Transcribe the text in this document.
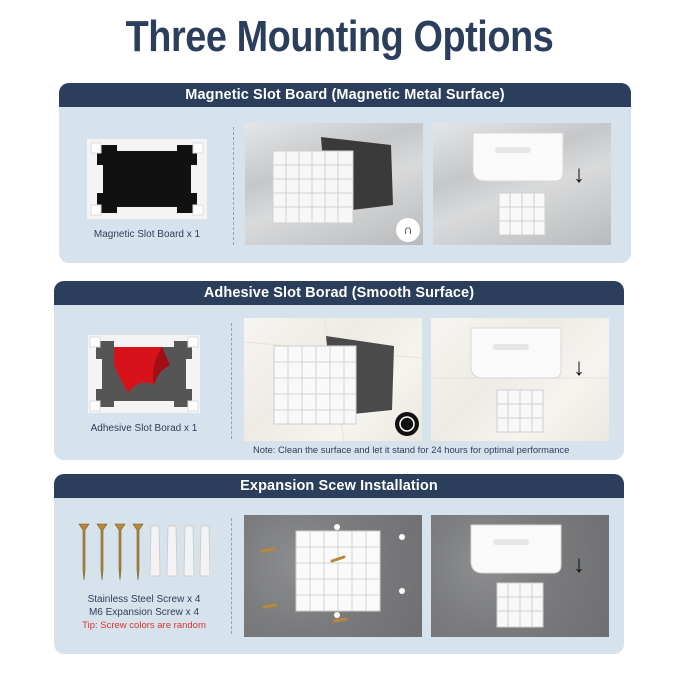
Three Mounting Options
Magnetic Slot Board (Magnetic Metal Surface)
Magnetic Slot Board x 1	∩
↓
Adhesive Slot Borad (Smooth Surface)
Adhesive Slot Borad x 1
↓
Note: Clean the surface and let it stand for 24 hours for optimal performance
Expansion Scew Installation
Stainless Steel Screw x 4
M6 Expansion Screw x 4
Tip: Screw colors are random
↓
